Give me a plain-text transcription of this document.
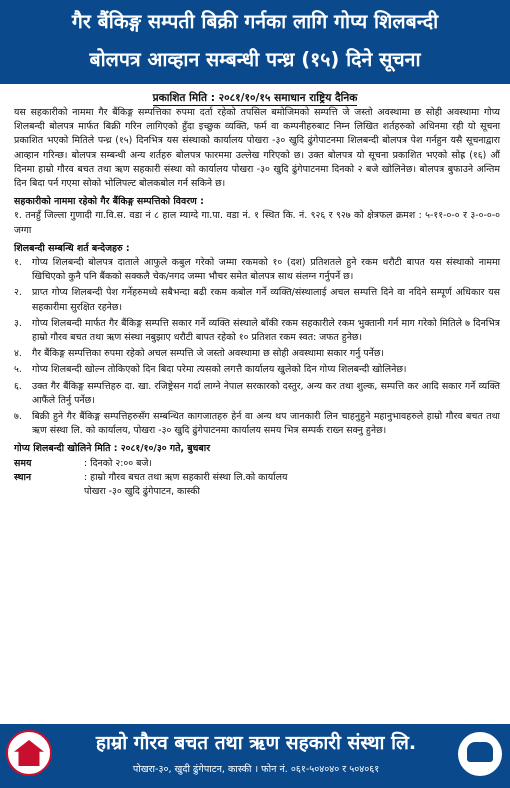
गैर बैंकिङ्ग सम्पती बिक्री गर्नका लागि गोप्य शिलबन्दी
बोलपत्र आव्हान सम्बन्धी पन्ध्र (१५) दिने सूचना
प्रकाशित मिति : २०८१/१०/१५ समाधान राष्ट्रिय दैनिक
यस सहकारीको नाममा गैर बैंकिङ्ग सम्पत्तिका रुपमा दर्ता रहेको तपसिल बमोजिमको सम्पत्ति जे जस्तो अवस्थामा छ सोही अवस्थामा गोप्य शिलबन्दी बोलपत्र मार्फत बिक्री गरिन लागिएको हुँदा इच्छुक व्यक्ति, फर्म वा कम्पनीहरुबाट निम्न लिखित शर्तहरुको अधिनमा रही यो सूचना प्रकाशित भएको मितिले पन्ध्र (१५) दिनभित्र यस संस्थाको कार्यालय पोखरा -३० खुदि ढुंगेपाटनमा शिलबन्दी बोलपत्र पेश गर्नहुन यसै सूचनाद्वारा आव्हान गरिन्छ। बोलपत्र सम्बन्धी अन्य शर्तहरु बोलपत्र फारममा उल्लेख गरिएको छ। उक्त बोलपत्र यो सूचना प्रकाशित भएको सोह्र (१६) औं दिनमा हाम्रो गौरव बचत तथा ऋण सहकारी संस्था को कार्यालय पोखरा -३० खुदि ढुंगेपाटनमा दिनको २ बजे खोलिनेछ। बोलपत्र बुफाउने अन्तिम दिन बिदा पर्न गएमा सोको भोलिपल्ट बोलकबोल गर्न सकिने छ।
सहकारीको नाममा रहेको गैर बैंकिङ्ग सम्पत्तिको विवरण :
१. तनहुँ जिल्ला गुणादी गा.वि.स. वडा नं ८ हाल म्याग्दे गा.पा. वडा नं. १ स्थित कि. नं. ९२६ र ९२७ को क्षेत्रफल क्रमश : ५-११-०-० र ३-०-०-० जग्गा
शिलबन्दी सम्बन्धि शर्त बन्देजहरु :
१.	गोप्य शिलबन्दी बोलपत्र दाताले आफुले कबुल गरेको जम्मा रकमको १० (दश) प्रतिशतले हुने रकम धरौटी बापत यस संस्थाको नाममा खिचिएको कुनै पनि बैंकको सक्कलै चेक/नगद जम्मा भौचर समेत बोलपत्र साथ संलग्न गर्नुपर्ने छ।
२.	प्राप्त गोप्य शिलबन्दी पेश गर्नेहरुमध्ये सबैभन्दा बढी रकम कबोल गर्ने व्यक्ति/संस्थालाई अचल सम्पत्ति दिने वा नदिने सम्पूर्ण अधिकार यस सहकारीमा सुरक्षित रहनेछ।
३.	गोप्य शिलबन्दी मार्फत गैर बैंकिङ्ग सम्पत्ति सकार गर्ने व्यक्ति संस्थाले बाँकी रकम सहकारीले रकम भुक्तानी गर्न माग गरेको मितिले ७ दिनभित्र हाम्रो गौरव बचत तथा ऋण संस्था नबुझाए धरौटी बापत रहेको १० प्रतिशत रकम स्वत: जफत हुनेछ।
४.	गैर बैंकिङ्ग सम्पत्तिका रुपमा रहेको अचल सम्पत्ति जे जस्तो अवस्थामा छ सोही अवस्थामा सकार गर्नु पर्नेछ।
५.	गोप्य शिलबन्दी खोल्न तोकिएको दिन बिदा परेमा त्यसको लगत्तै कार्यालय खुलेको दिन गोप्य शिलबन्दी खोलिनेछ।
६.	उक्त गैर बैंकिङ्ग सम्पत्तिहरु दा. खा. रजिष्ट्रेसन गर्दा लाग्ने नेपाल सरकारको दस्तुर, अन्य कर तथा शुल्क, सम्पत्ति कर आदि सकार गर्ने व्यक्ति आफैंले तिर्नु पर्नेछ।
७.	बिक्री हुने गैर बैंकिङ्ग सम्पत्तिहरुसँग सम्बन्धित कागजातहरु हेर्न वा अन्य थप जानकारी लिन चाहनुहुने महानुभावहरुले हाम्रो गौरव बचत तथा ऋण संस्था लि. को कार्यालय, पोखरा -३० खुदि ढुंगेपाटनमा कार्यालय समय भित्र सम्पर्क राख्न सक्नु हुनेछ।
गोप्य शिलबन्दी खोलिने मिति : २०८१/१०/३० गते, बुधबार
समय	: दिनको २:०० बजे।
स्थान	: हाम्रो गौरव बचत तथा ऋण सहकारी संस्था लि.को कार्यालय
पोखरा -३० खुदि ढुंगेपाटन, कास्की
हाम्रो गौरव बचत तथा ऋण सहकारी संस्था लि.
पोखरा-३०, खुदी ढुंगेपाटन, कास्की । फोन नं. ०६१-५०४०४० र ५०४०६१
